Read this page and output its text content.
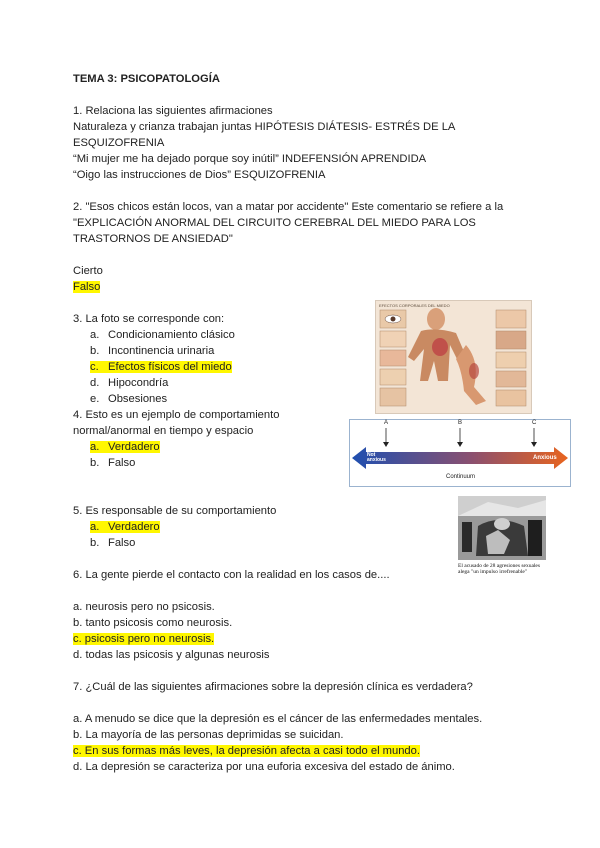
TEMA 3: PSICOPATOLOGÍA
1. Relaciona las siguientes afirmaciones
Naturaleza y crianza trabajan juntas HIPÓTESIS DIÁTESIS- ESTRÉS DE LA
ESQUIZOFRENIA
“Mi mujer me ha dejado porque soy inútil” INDEFENSIÓN APRENDIDA
“Oigo las instrucciones de Dios” ESQUIZOFRENIA
2. "Esos chicos están locos, van a matar por accidente" Este comentario se refiere a la
"EXPLICACIÓN ANORMAL DEL CIRCUITO CEREBRAL DEL MIEDO PARA LOS
TRASTORNOS DE ANSIEDAD"
Cierto
Falso
3. La foto se corresponde con:
a. Condicionamiento clásico
b. Incontinencia urinaria
c. Efectos físicos del miedo
d. Hipocondría
e. Obsesiones
4. Esto es un ejemplo de comportamiento
normal/anormal en tiempo y espacio
a. Verdadero
b. Falso
5. Es responsable de su comportamiento
a. Verdadero
b. Falso
6. La gente pierde el contacto con la realidad en los casos de....
a. neurosis pero no psicosis.
b. tanto psicosis como neurosis.
c. psicosis pero no neurosis.
d. todas las psicosis y algunas neurosis
7. ¿Cuál de las siguientes afirmaciones sobre la depresión clínica es verdadera?
a. A menudo se dice que la depresión es el cáncer de las enfermedades mentales.
b. La mayoría de las personas deprimidas se suicidan.
c. En sus formas más leves, la depresión afecta a casi todo el mundo.
d. La depresión se caracteriza por una euforia excesiva del estado de ánimo.
EFECTOS CORPORALES DEL MIEDO
A	B	C
Not anxious	Anxious
Continuum
El acusado de 28 agresiones sexuales
alega "un impulso irrefrenable"
